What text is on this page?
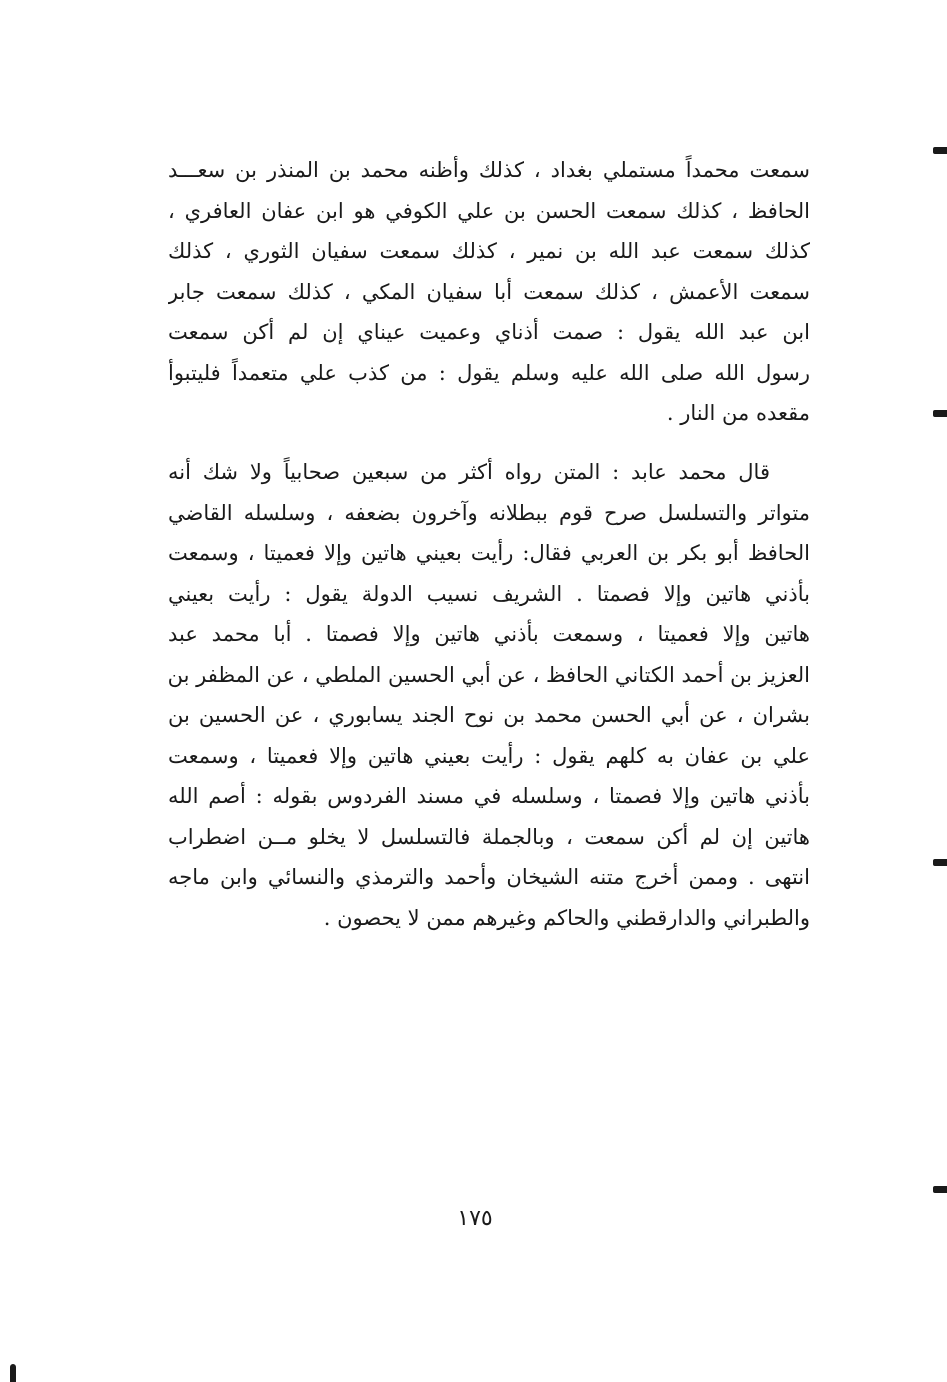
سمعت محمداً مستملي بغداد ، كذلك وأظنه محمد بن المنذر بن سعـــد
الحافظ ، كذلك سمعت الحسن بن علي الكوفي هو ابن عفان العافري ،
كذلك سمعت عبد الله بن نمير ، كذلك سمعت سفيان الثوري ، كذلك
سمعت الأعمش ، كذلك سمعت أبا سفيان المكي ، كذلك سمعت جابر
ابن عبد الله يقول : صمت أذناي وعميت عيناي إن لم أكن سمعت
رسول الله صلى الله عليه وسلم يقول : من كذب علي متعمداً فليتبوأ
مقعده من النار .
قال محمد عابد : المتن رواه أكثر من سبعين صحابياً ولا شك أنه
متواتر والتسلسل صرح قوم ببطلانه وآخرون بضعفه ، وسلسله القاضي
الحافظ أبو بكر بن العربي فقال: رأيت بعيني هاتين وإلا فعميتا ، وسمعت
بأذني هاتين وإلا فصمتا . الشريف نسيب الدولة يقول : رأيت بعيني
هاتين وإلا فعميتا ، وسمعت بأذني هاتين وإلا فصمتا . أبا محمد عبد
العزيز بن أحمد الكتاني الحافظ ، عن أبي الحسين الملطي ، عن المظفر بن
بشران ، عن أبي الحسن محمد بن نوح الجند يسابوري ، عن الحسين بن
علي بن عفان به كلهم يقول : رأيت بعيني هاتين وإلا فعميتا ، وسمعت
بأذني هاتين وإلا فصمتا ، وسلسله في مسند الفردوس بقوله : أصم الله
هاتين إن لم أكن سمعت ، وبالجملة فالتسلسل لا يخلو مــن اضطراب
انتهى . وممن أخرج متنه الشيخان وأحمد والترمذي والنسائي وابن ماجه
والطبراني والدارقطني والحاكم وغيرهم ممن لا يحصون .
١٧٥
